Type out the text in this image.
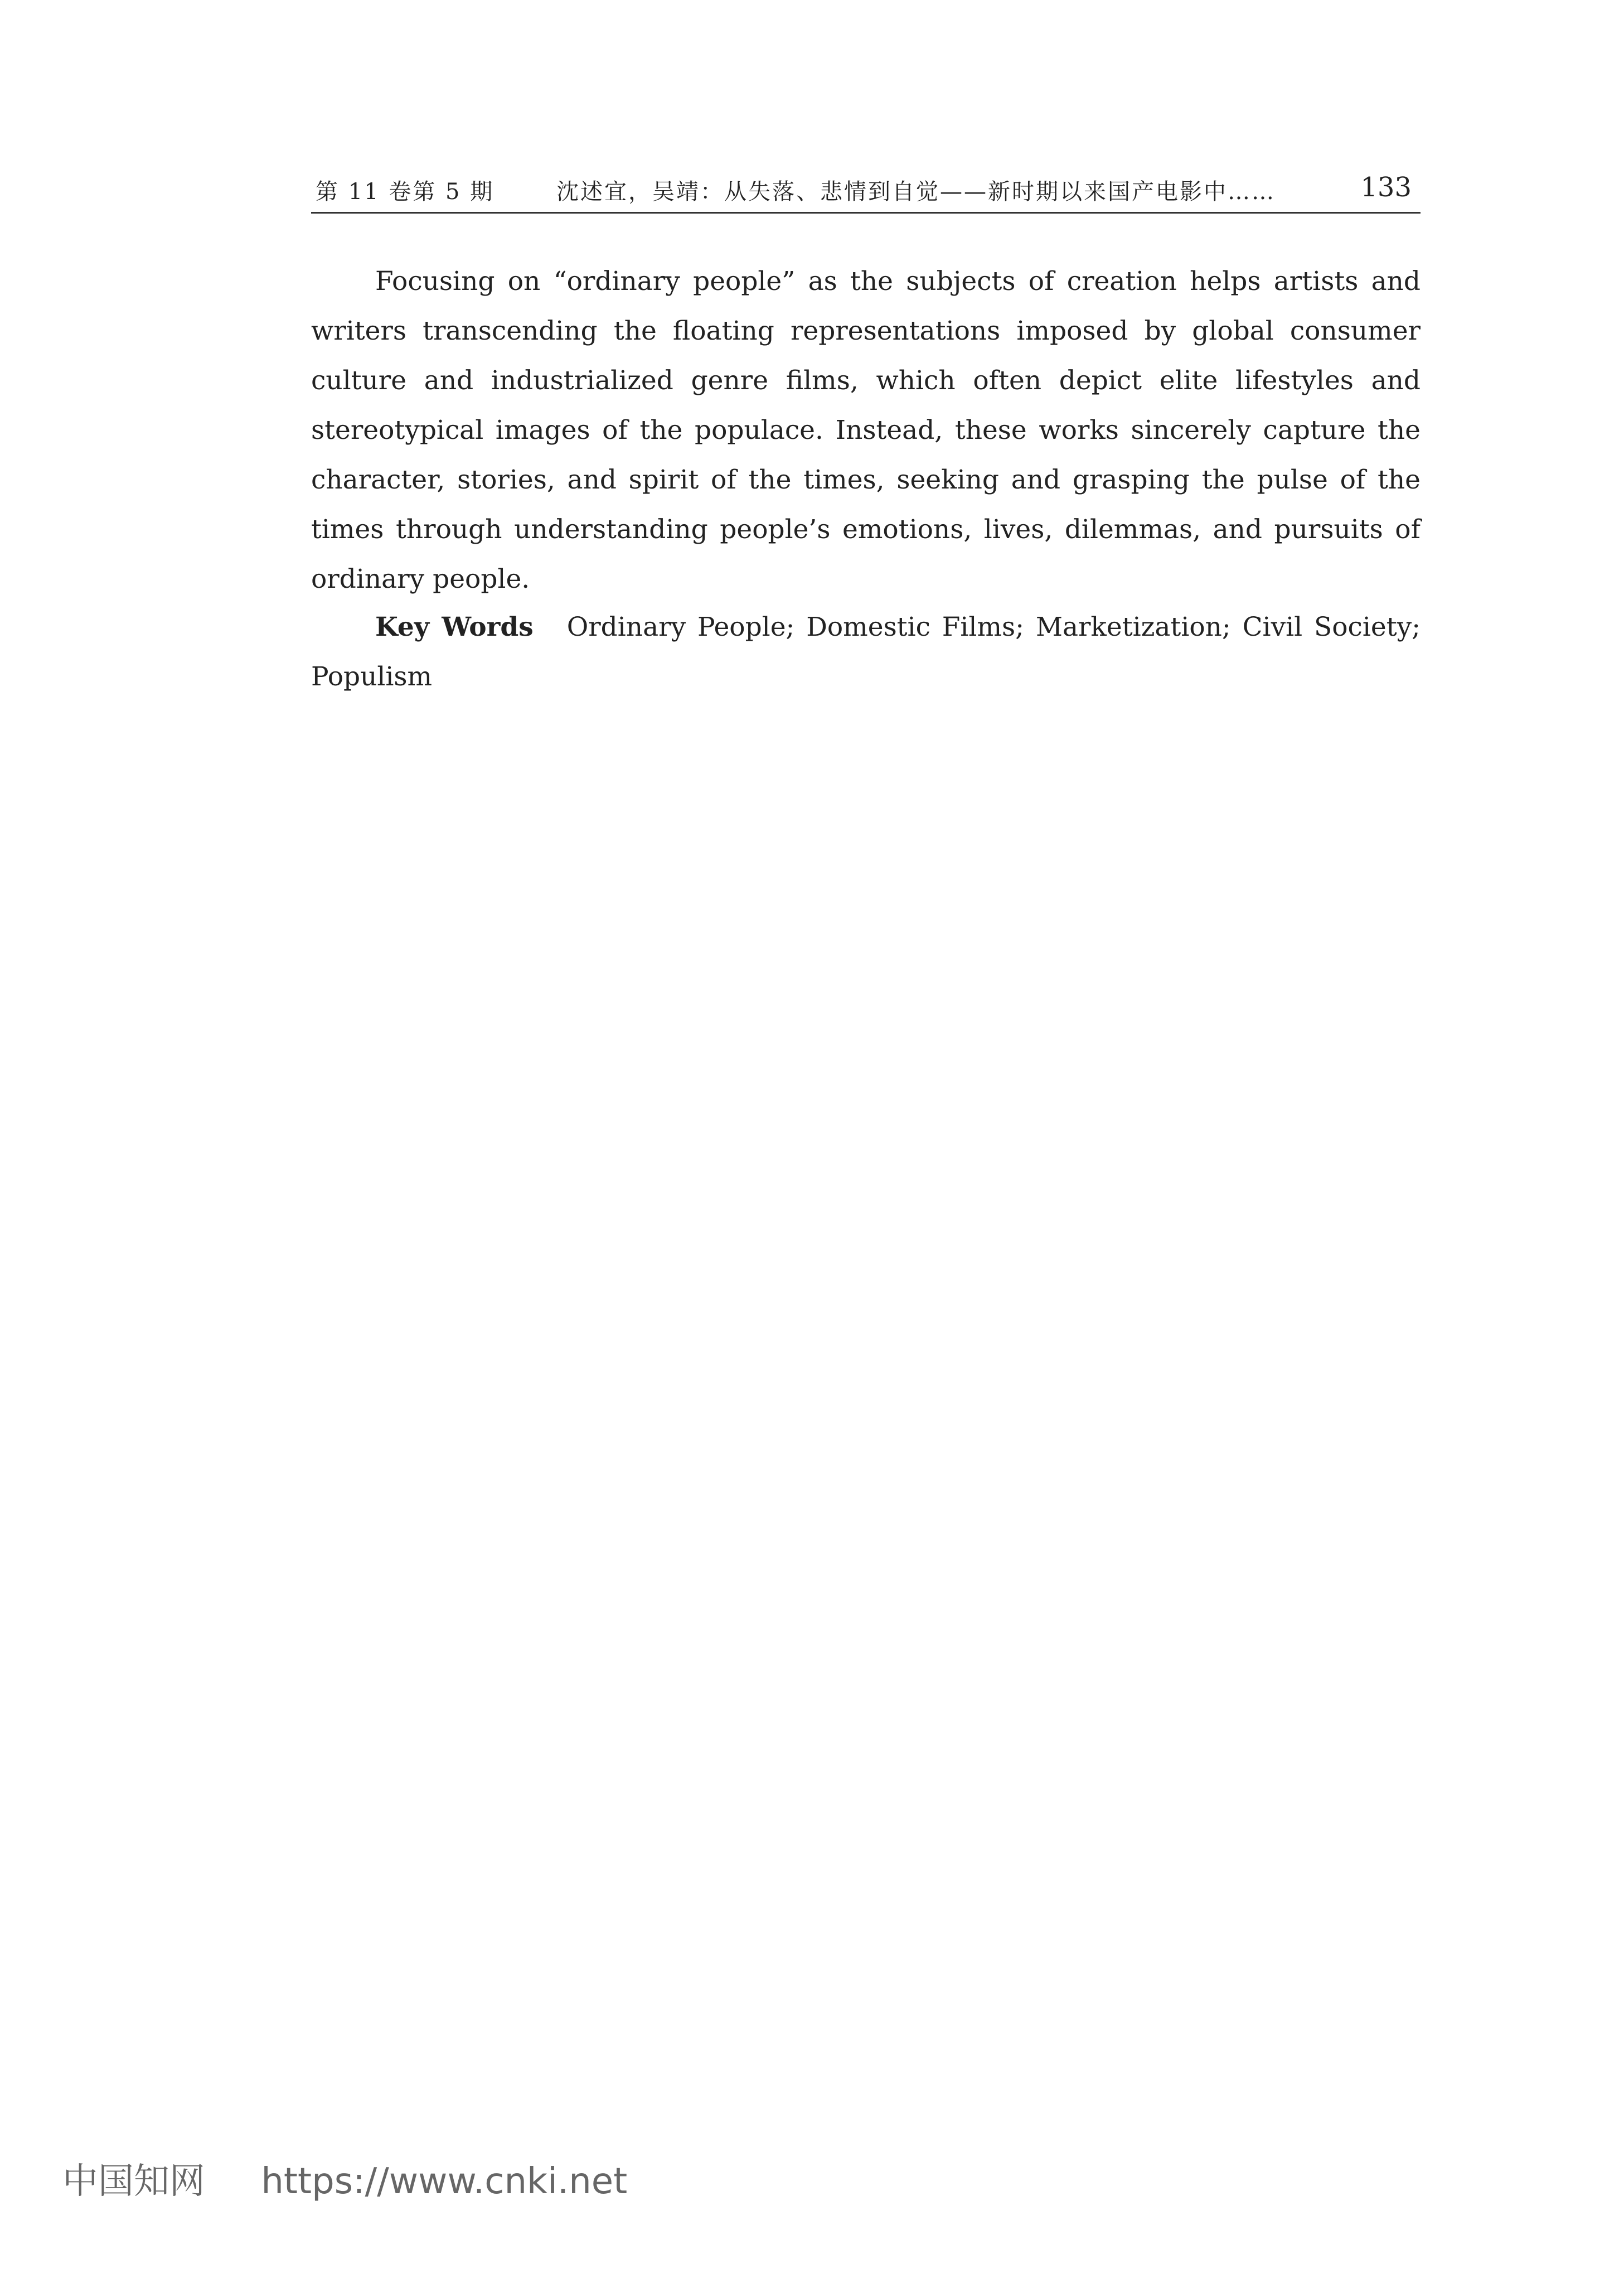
第 11 卷第 5 期	沈述宜，吴靖：从失落、悲情到自觉——新时期以来国产电影中……	133

Focusing on “ordinary people” as the subjects of creation helps artists and writers transcending the floating representations imposed by global consumer culture and industrialized genre films, which often depict elite lifestyles and stereotypical images of the populace. Instead, these works sincerely capture the character, stories, and spirit of the times, seeking and grasping the pulse of the times through understanding people’s emotions, lives, dilemmas, and pursuits of ordinary people.

Key Words Ordinary People; Domestic Films; Marketization; Civil Society; Populism

中国知网 https://www.cnki.net
